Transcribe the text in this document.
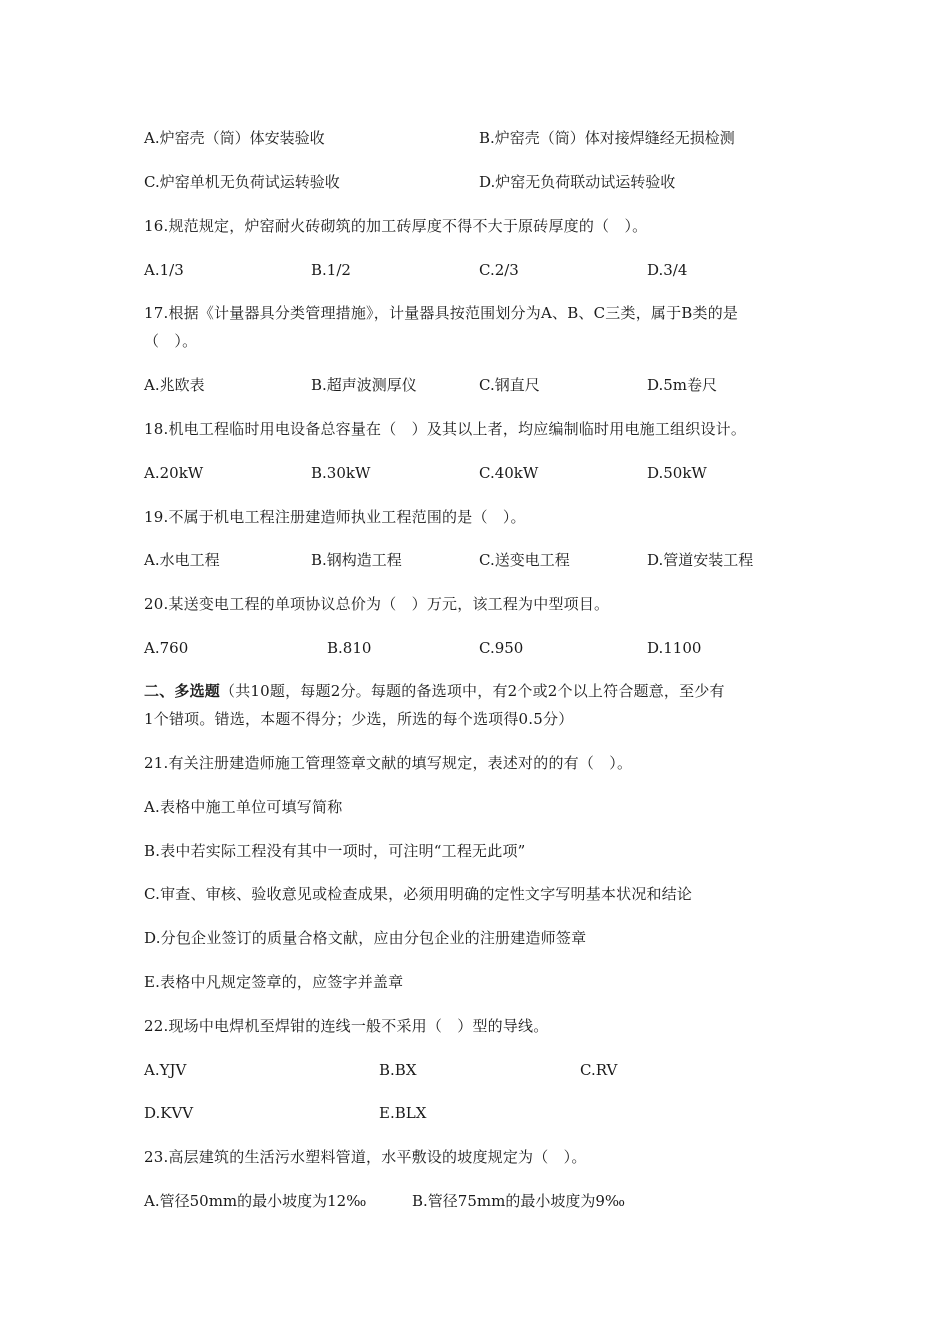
A.炉窑壳（筒）体安装验收	B.炉窑壳（筒）体对接焊缝经无损检测
C.炉窑单机无负荷试运转验收	D.炉窑无负荷联动试运转验收
16.规范规定，炉窑耐火砖砌筑的加工砖厚度不得不大于原砖厚度的（　）。
A.1/3	B.1/2	C.2/3	D.3/4
17.根据《计量器具分类管理措施》，计量器具按范围划分为A、B、C三类，属于B类的是
（　）。
A.兆欧表	B.超声波测厚仪	C.钢直尺	D.5m卷尺
18.机电工程临时用电设备总容量在（　）及其以上者，均应编制临时用电施工组织设计。
A.20kW	B.30kW	C.40kW	D.50kW
19.不属于机电工程注册建造师执业工程范围的是（　）。
A.水电工程	B.钢构造工程	C.送变电工程	D.管道安装工程
20.某送变电工程的单项协议总价为（　）万元，该工程为中型项目。
A.760	B.810	C.950	D.1100
二、多选题（共10题，每题2分。每题的备选项中，有2个或2个以上符合题意，至少有
1个错项。错选，本题不得分；少选，所选的每个选项得0.5分）
21.有关注册建造师施工管理签章文献的填写规定，表述对的的有（　）。
A.表格中施工单位可填写简称
B.表中若实际工程没有其中一项时，可注明“工程无此项”
C.审查、审核、验收意见或检查成果，必须用明确的定性文字写明基本状况和结论
D.分包企业签订的质量合格文献，应由分包企业的注册建造师签章
E.表格中凡规定签章的，应签字并盖章
22.现场中电焊机至焊钳的连线一般不采用（　）型的导线。
A.YJV	B.BX	C.RV
D.KVV	E.BLX
23.高层建筑的生活污水塑料管道，水平敷设的坡度规定为（　）。
A.管径50mm的最小坡度为12‰	B.管径75mm的最小坡度为9‰
